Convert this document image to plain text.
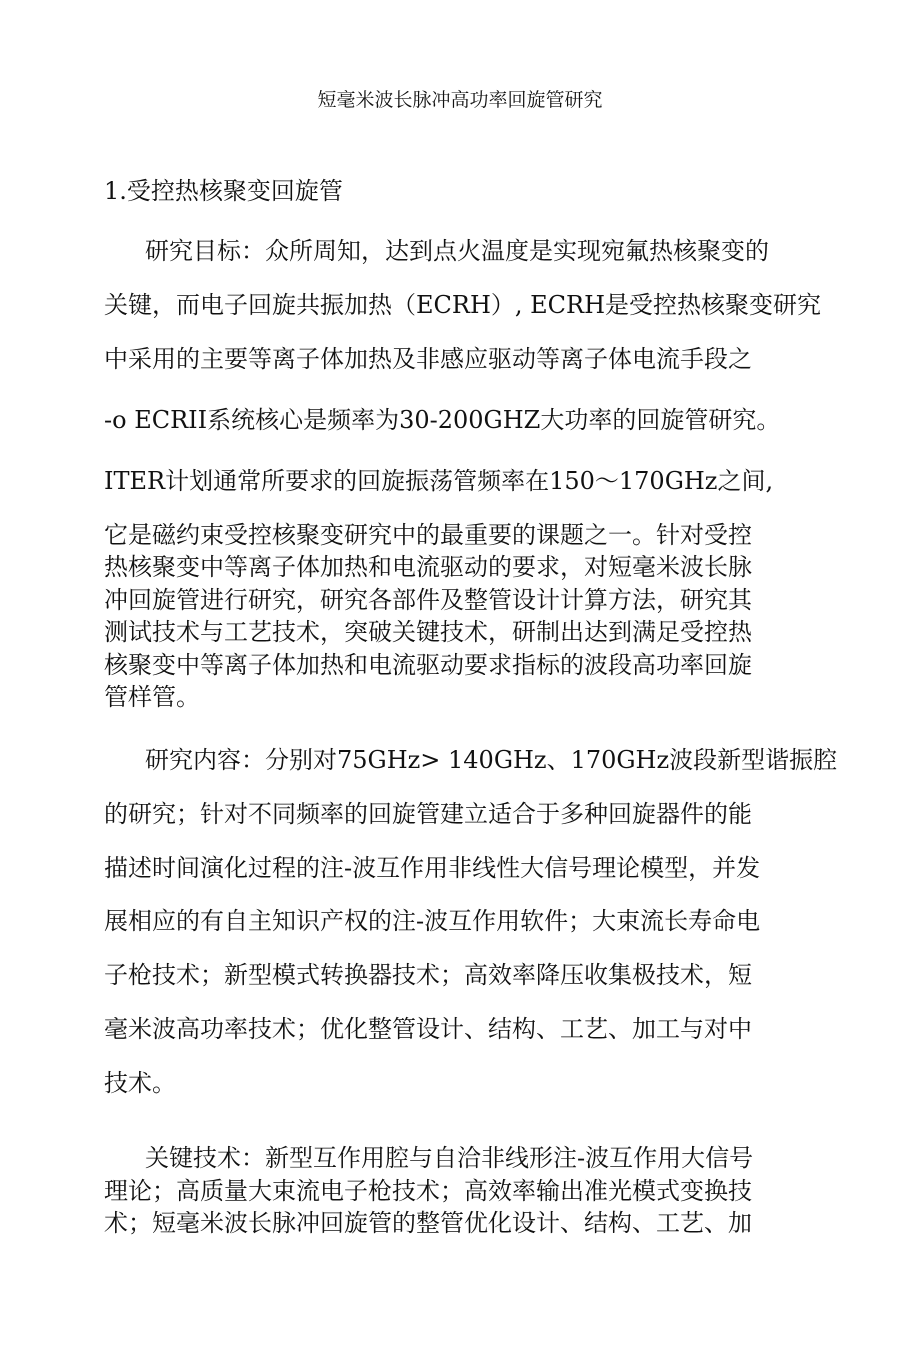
短毫米波长脉冲高功率回旋管研究
1.受控热核聚变回旋管
研究目标：众所周知，达到点火温度是实现宛氟热核聚变的
关键，而电子回旋共振加热（ECRH）, ECRH是受控热核聚变研究
中采用的主要等离子体加热及非感应驱动等离子体电流手段之
-o ECRII系统核心是频率为30-200GHZ大功率的回旋管研究。
ITER计划通常所要求的回旋振荡管频率在150～170GHz之间,
它是磁约束受控核聚变研究中的最重要的课题之一。针对受控
热核聚变中等离子体加热和电流驱动的要求，对短毫米波长脉
冲回旋管进行研究，研究各部件及整管设计计算方法，研究其
测试技术与工艺技术，突破关键技术，研制出达到满足受控热
核聚变中等离子体加热和电流驱动要求指标的波段高功率回旋
管样管。
研究内容：分别对75GHz> 140GHz、170GHz波段新型谐振腔
的研究；针对不同频率的回旋管建立适合于多种回旋器件的能
描述时间演化过程的注-波互作用非线性大信号理论模型，并发
展相应的有自主知识产权的注-波互作用软件；大束流长寿命电
子枪技术；新型模式转换器技术；高效率降压收集极技术，短
毫米波高功率技术；优化整管设计、结构、工艺、加工与对中
技术。
关键技术：新型互作用腔与自洽非线形注-波互作用大信号
理论；高质量大束流电子枪技术；高效率输出准光模式变换技
术；短毫米波长脉冲回旋管的整管优化设计、结构、工艺、加
